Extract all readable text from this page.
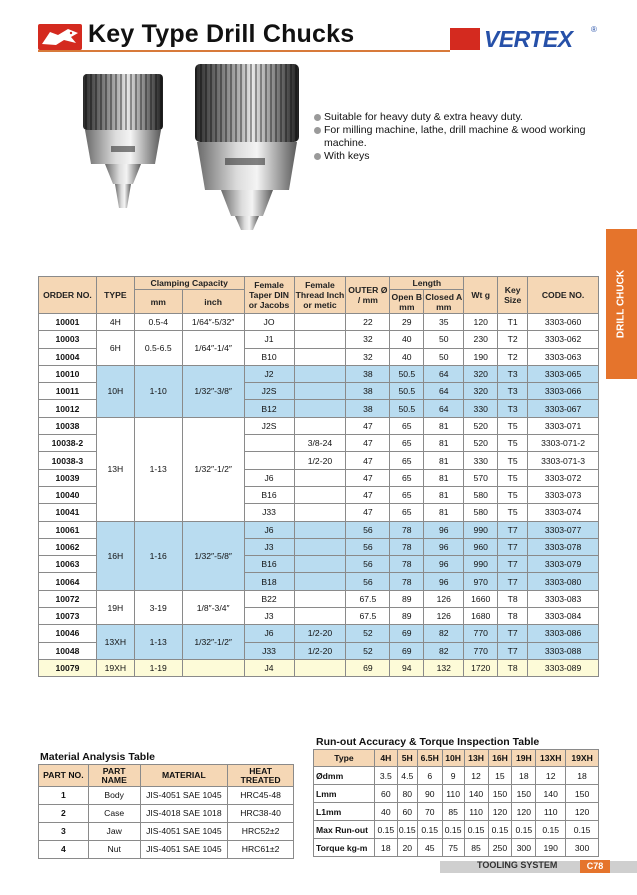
Key Type Drill Chucks	VERTEX ®
Suitable for heavy duty & extra heavy duty.
For milling machine, lathe, drill machine & wood working machine.
With keys
DRILL CHUCK
ORDER NO.	TYPE	Clamping Capacity		Female Taper DIN or Jacobs	Female Thread Inch or metic	OUTER Ø / mm	Length		Wt g	Key Size	CODE NO.
		mm	inch				Open B mm	Closed A mm			
10001	4H	0.5-4	1/64″-5/32″	JO		22	29	35	120	T1	3303-060
10003	6H	0.5-6.5	1/64″-1/4″	J1		32	40	50	230	T2	3303-062
10004				B10		32	40	50	190	T2	3303-063
10010	10H	1-10	1/32″-3/8″	J2		38	50.5	64	320	T3	3303-065
10011				J2S		38	50.5	64	320	T3	3303-066
10012				B12		38	50.5	64	330	T3	3303-067
10038	13H	1-13	1/32″-1/2″	J2S		47	65	81	520	T5	3303-071
10038-2					3/8-24	47	65	81	520	T5	3303-071-2
10038-3					1/2-20	47	65	81	330	T5	3303-071-3
10039				J6		47	65	81	570	T5	3303-072
10040				B16		47	65	81	580	T5	3303-073
10041				J33		47	65	81	580	T5	3303-074
10061	16H	1-16	1/32″-5/8″	J6		56	78	96	990	T7	3303-077
10062				J3		56	78	96	960	T7	3303-078
10063				B16		56	78	96	990	T7	3303-079
10064				B18		56	78	96	970	T7	3303-080
10072	19H	3-19	1/8″-3/4″	B22		67.5	89	126	1660	T8	3303-083
10073				J3		67.5	89	126	1680	T8	3303-084
10046	13XH	1-13	1/32″-1/2″	J6	1/2-20	52	69	82	770	T7	3303-086
10048				J33	1/2-20	52	69	82	770	T7	3303-088
10079	19XH	1-19		J4		69	94	132	1720	T8	3303-089
Material Analysis Table
PART NO.	PART NAME	MATERIAL	HEAT TREATED
1	Body	JIS-4051 SAE 1045	HRC45-48
2	Case	JIS-4018 SAE 1018	HRC38-40
3	Jaw	JIS-4051 SAE 1045	HRC52±2
4	Nut	JIS-4051 SAE 1045	HRC61±2
Run-out Accuracy & Torque Inspection Table
Type	4H	5H	6.5H	10H	13H	16H	19H	13XH	19XH
Ødmm	3.5	4.5	6	9	12	15	18	12	18
Lmm	60	80	90	110	140	150	150	140	150
L1mm	40	60	70	85	110	120	120	110	120
Max Run-out	0.15	0.15	0.15	0.15	0.15	0.15	0.15	0.15	0.15
Torque kg-m	18	20	45	75	85	250	300	190	300
TOOLING SYSTEM	C78
